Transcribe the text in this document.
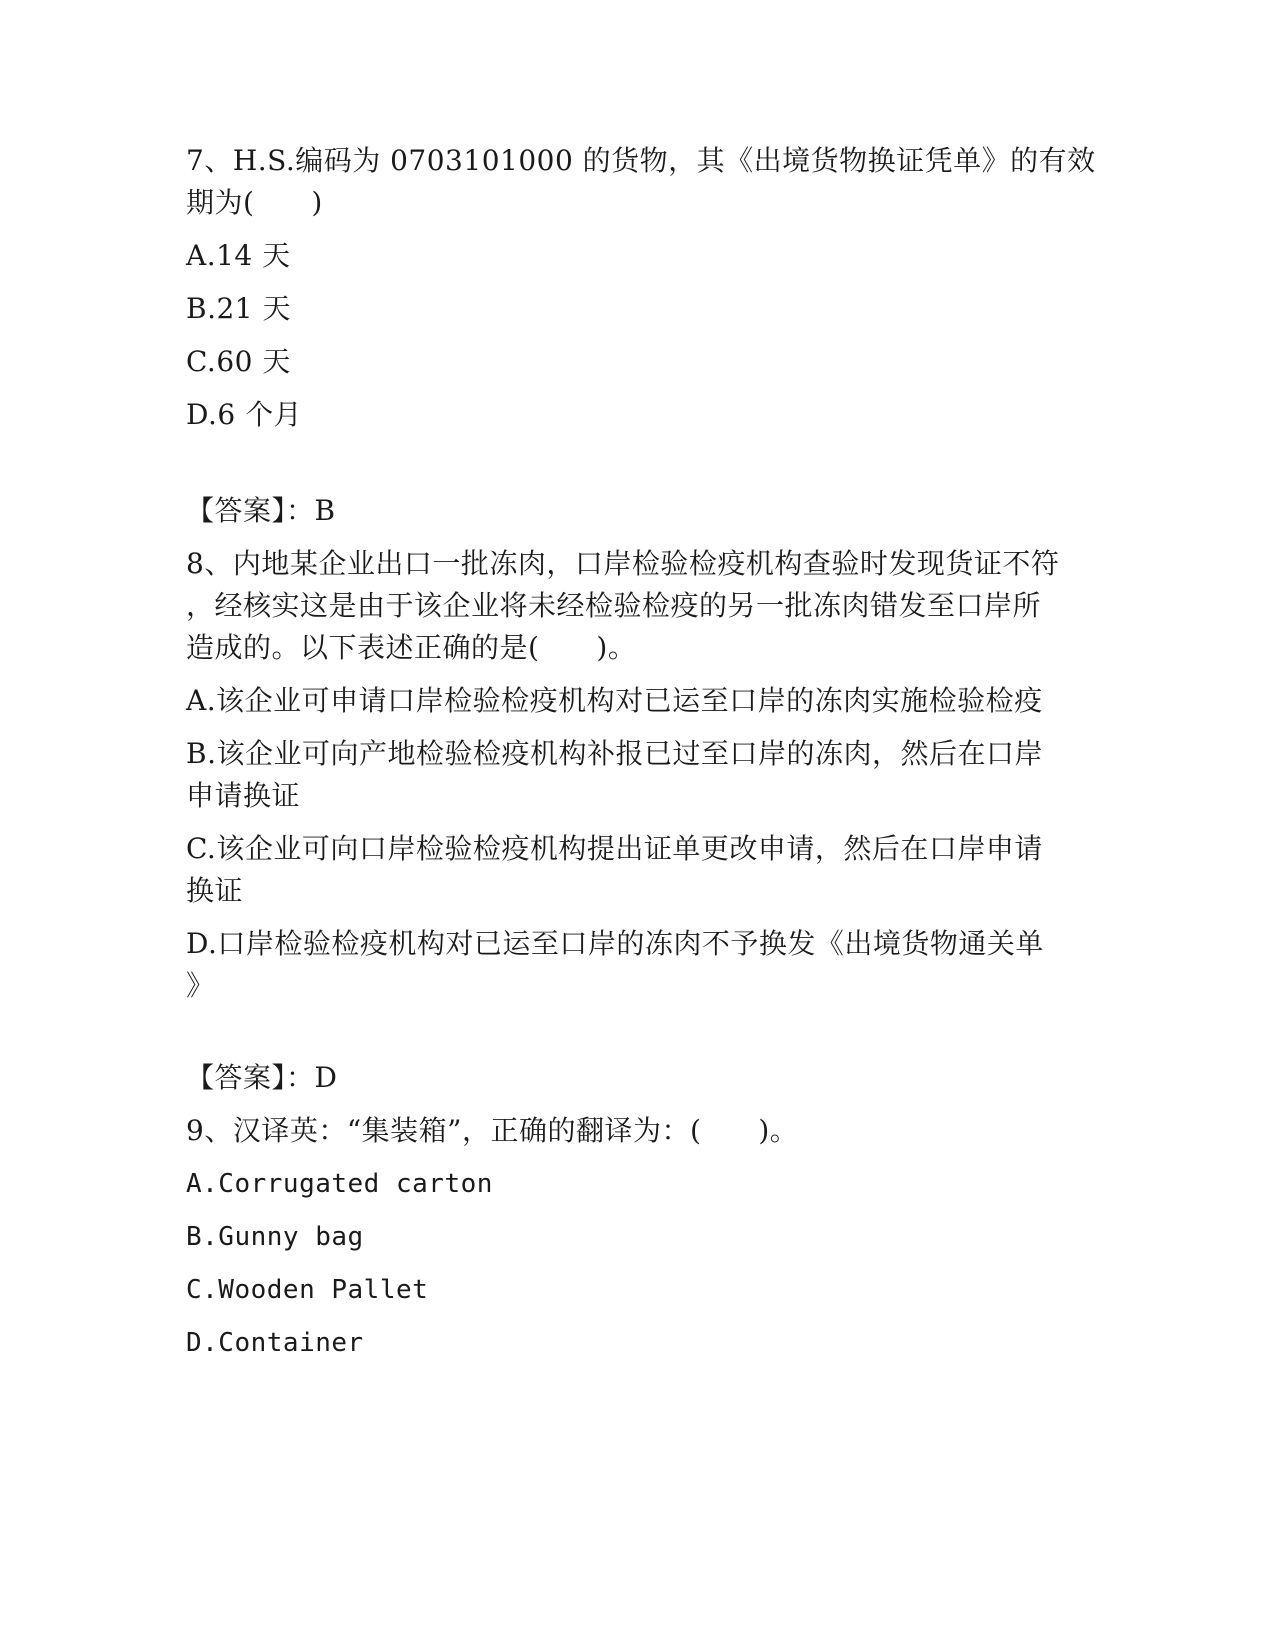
7、H.S.编码为 0703101000 的货物，其《出境货物换证凭单》的有效
期为(　　)
A.14 天
B.21 天
C.60 天
D.6 个月
【答案】：B
8、内地某企业出口一批冻肉，口岸检验检疫机构查验时发现货证不符
，经核实这是由于该企业将未经检验检疫的另一批冻肉错发至口岸所
造成的。以下表述正确的是(　　)。
A.该企业可申请口岸检验检疫机构对已运至口岸的冻肉实施检验检疫
B.该企业可向产地检验检疫机构补报已过至口岸的冻肉，然后在口岸
申请换证
C.该企业可向口岸检验检疫机构提出证单更改申请，然后在口岸申请
换证
D.口岸检验检疫机构对已运至口岸的冻肉不予换发《出境货物通关单
》
【答案】：D
9、汉译英：“集装箱”，正确的翻译为：(　　)。
A.Corrugated carton
B.Gunny bag
C.Wooden Pallet
D.Container
